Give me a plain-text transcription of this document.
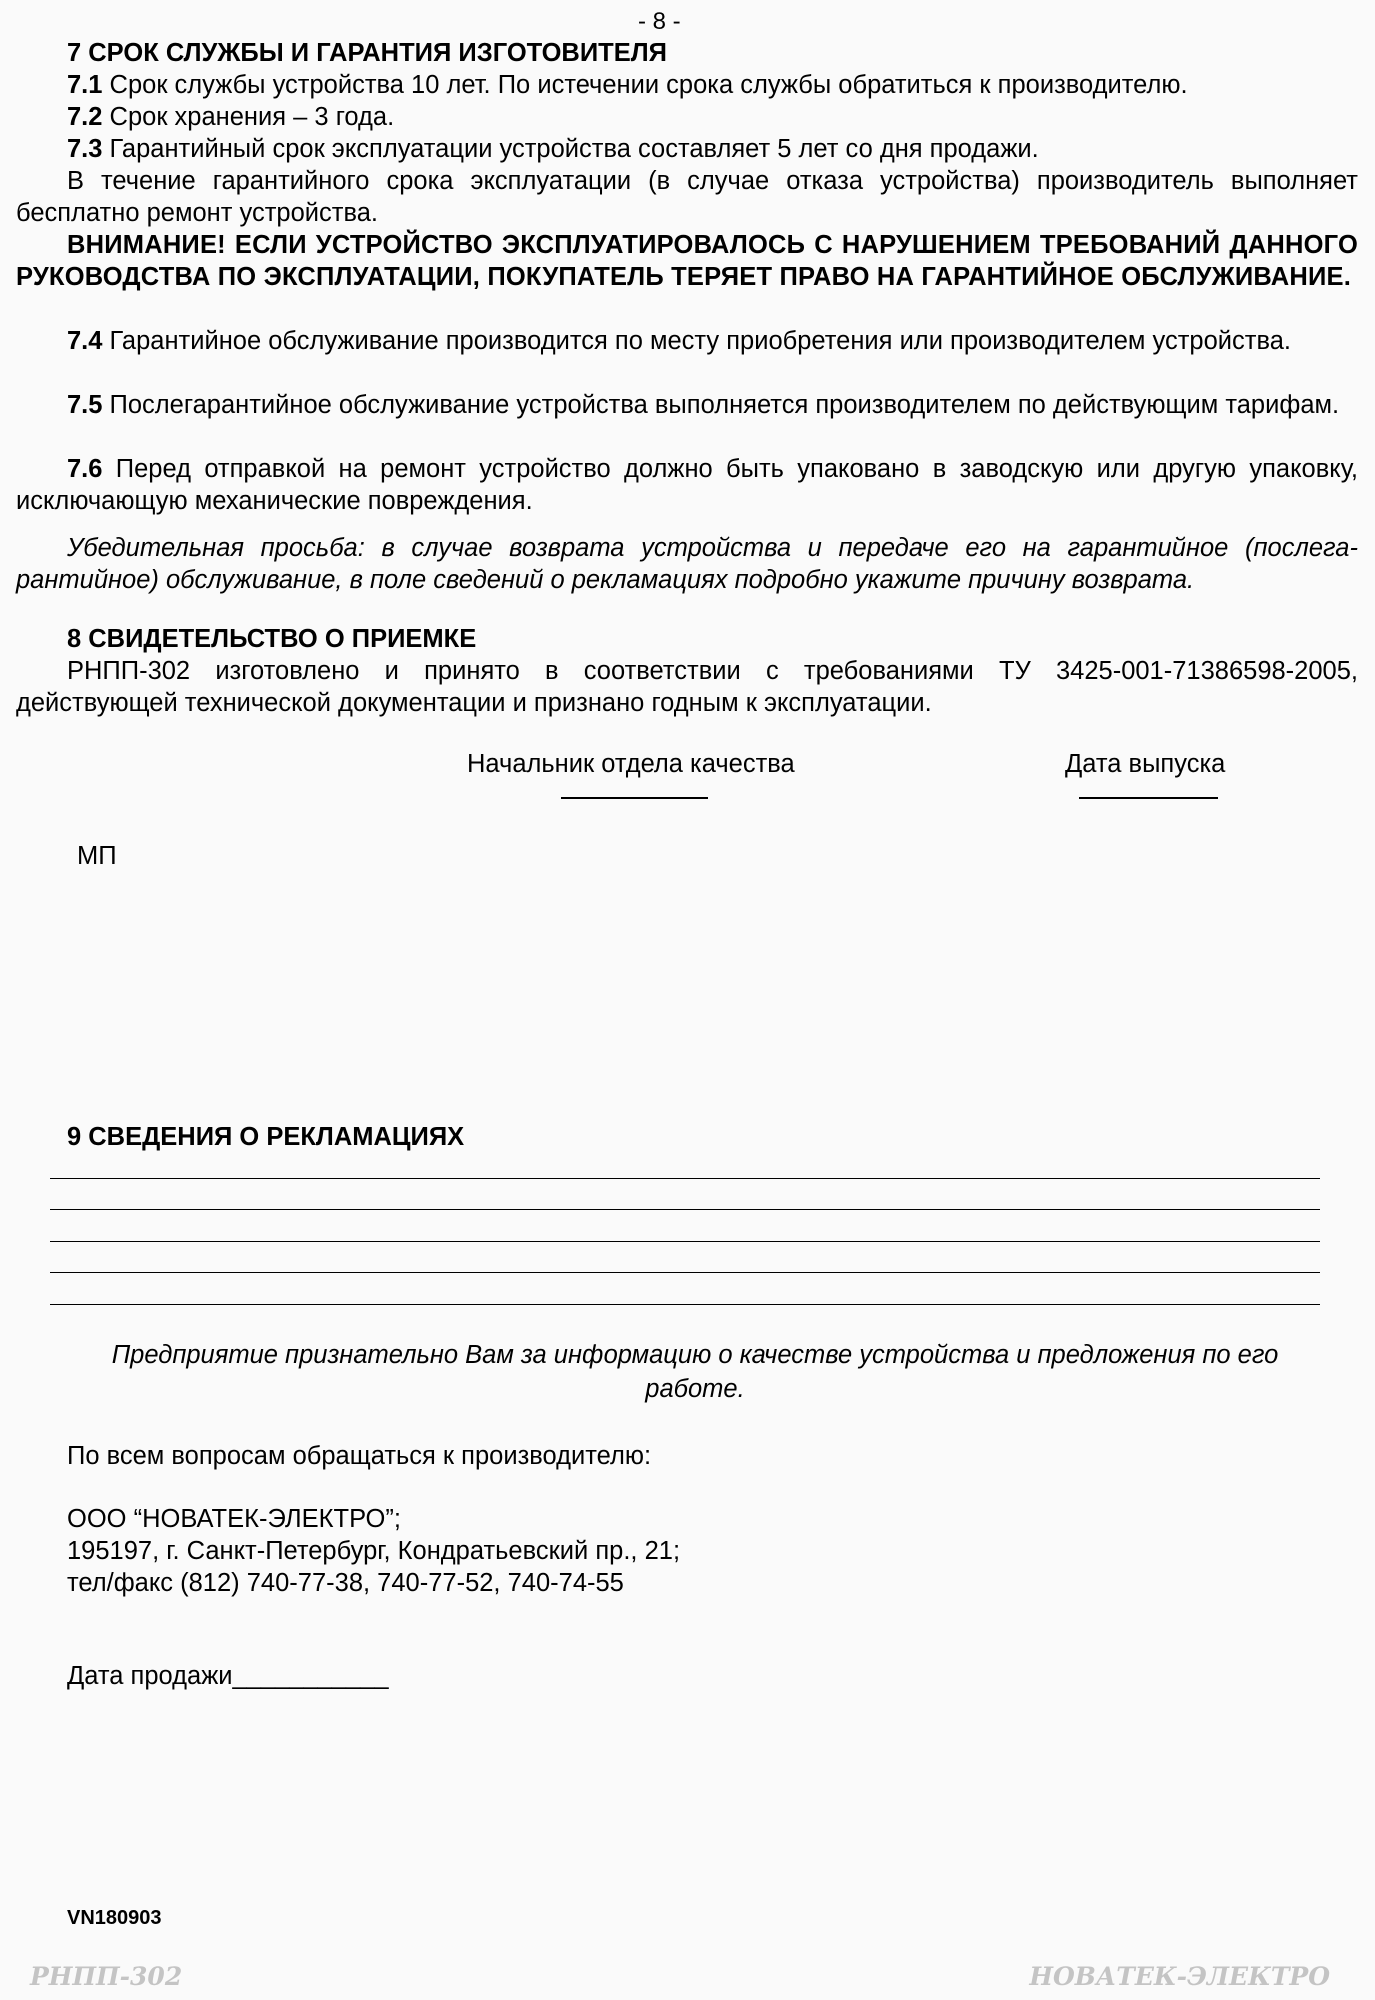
- 8 -
7 СРОК СЛУЖБЫ И ГАРАНТИЯ ИЗГОТОВИТЕЛЯ
7.1 Срок службы устройства 10 лет. По истечении срока службы обратиться к производителю.
7.2 Срок хранения – 3 года.
7.3 Гарантийный срок эксплуатации устройства составляет 5 лет со дня продажи.
В течение гарантийного срока эксплуатации (в случае отказа устройства) производитель выполняет бесплатно ремонт устройства.
ВНИМАНИЕ! ЕСЛИ УСТРОЙСТВО ЭКСПЛУАТИРОВАЛОСЬ С НАРУШЕНИЕМ ТРЕБОВАНИЙ ДАННОГО РУКОВОДСТВА ПО ЭКСПЛУАТАЦИИ, ПОКУПАТЕЛЬ ТЕРЯЕТ ПРАВО НА ГАРАНТИЙНОЕ ОБСЛУЖИВАНИЕ.
7.4 Гарантийное обслуживание производится по месту приобретения или производителем устройства.
7.5 Послегарантийное обслуживание устройства выполняется производителем по действующим тарифам.
7.6 Перед отправкой на ремонт устройство должно быть упаковано в заводскую или другую упаковку, исключающую механические повреждения.
Убедительная просьба: в случае возврата устройства и передаче его на гарантийное (послегарантийное) обслуживание, в поле сведений о рекламациях подробно укажите причину возврата.
8 СВИДЕТЕЛЬСТВО О ПРИЕМКЕ
РНПП-302 изготовлено и принято в соответствии с требованиями ТУ 3425-001-71386598-2005, действующей технической документации и признано годным к эксплуатации.
Начальник отдела качества	Дата выпуска
МП
9 СВЕДЕНИЯ О РЕКЛАМАЦИЯХ
Предприятие признательно Вам за информацию о качестве устройства и предложения по его работе.
По всем вопросам обращаться к производителю:
ООО “НОВАТЕК-ЭЛЕКТРО”;
195197, г. Санкт-Петербург, Кондратьевский пр., 21;
тел/факс (812) 740-77-38, 740-77-52, 740-74-55
Дата продажи___________
VN180903
РНПП-302	НОВАТЕК-ЭЛЕКТРО
